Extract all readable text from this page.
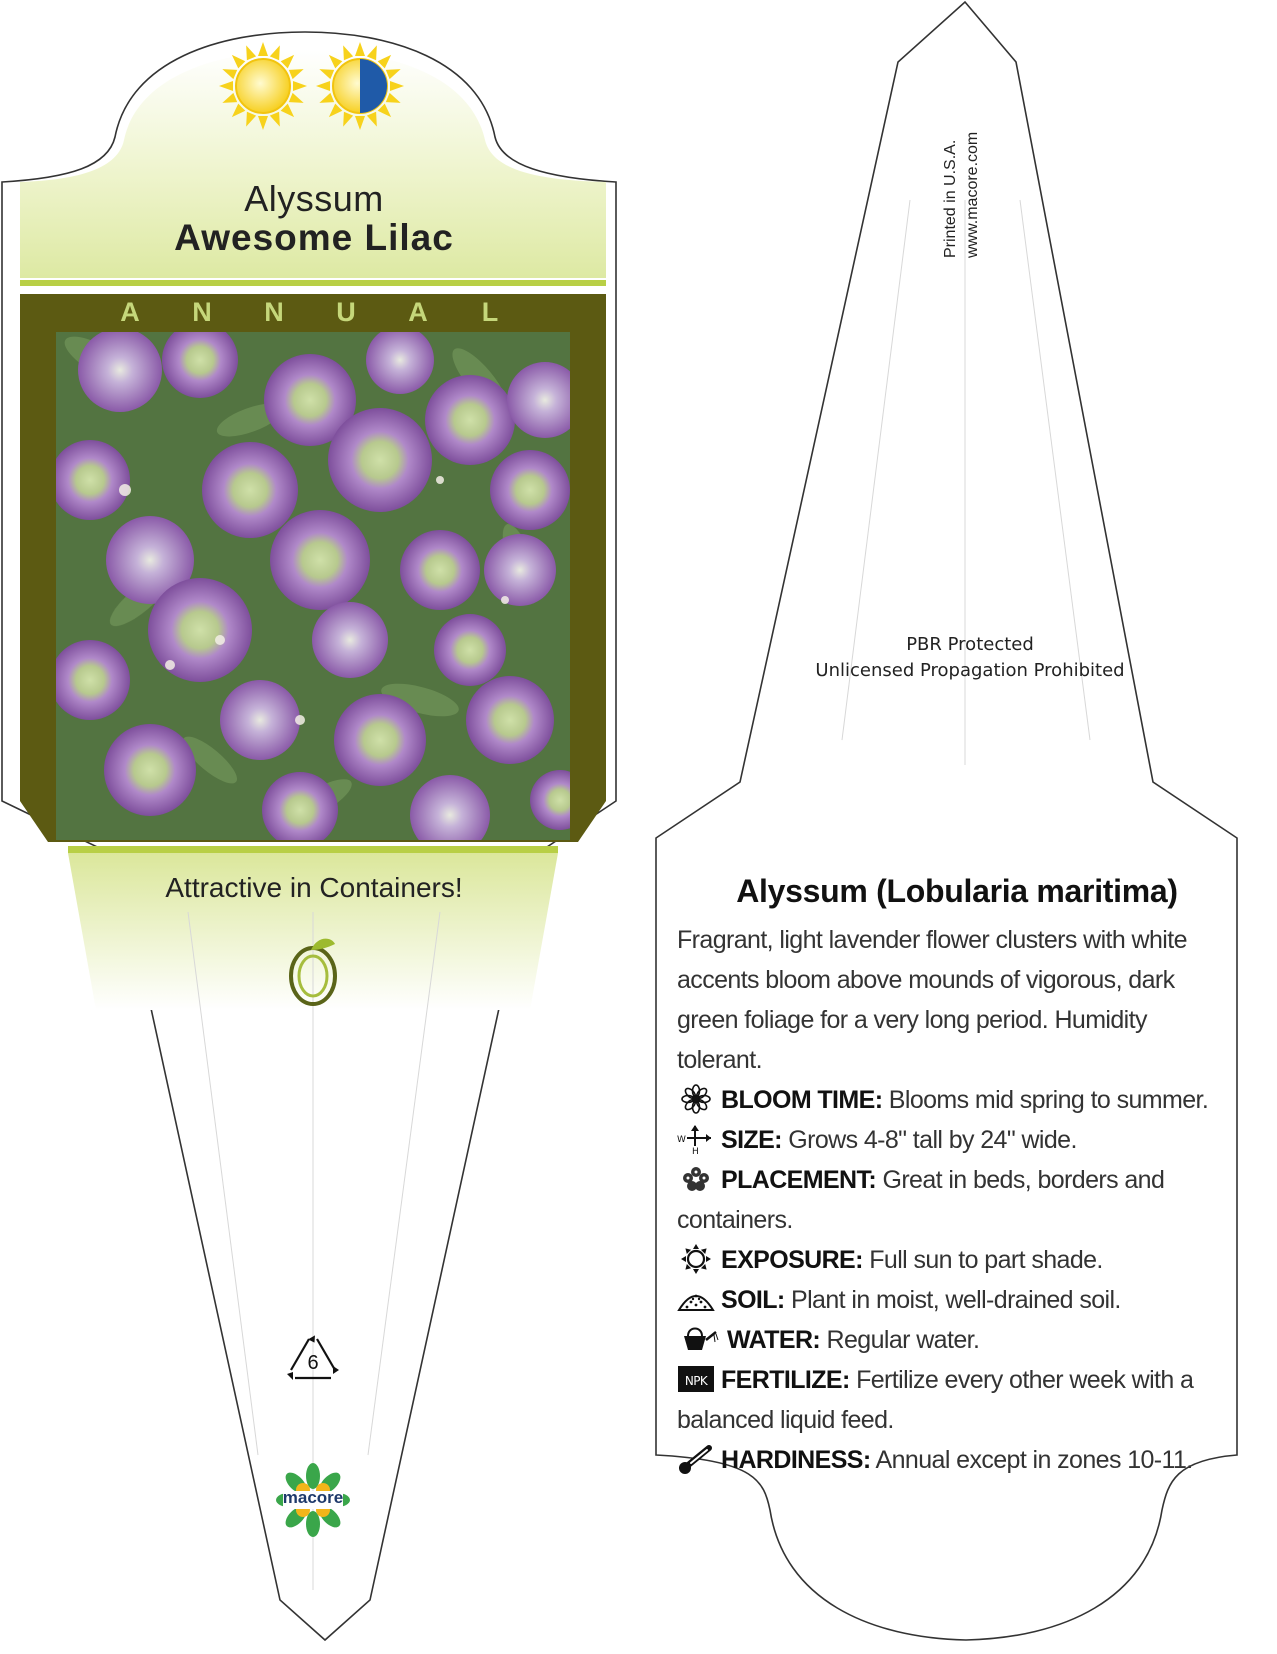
Alyssum
Awesome Lilac
A N N U A L
Attractive in Containers!
6
macore
Printed in U.S.A. www.macore.com
PBR Protected
Unlicensed Propagation Prohibited
Alyssum (Lobularia maritima)
Fragrant, light lavender flower clusters with white accents bloom above mounds of vigorous, dark green foliage for a very long period. Humidity tolerant.
BLOOM TIME: Blooms mid spring to summer.
W
H SIZE: Grows 4-8" tall by 24" wide.
PLACEMENT: Great in beds, borders and containers.
EXPOSURE: Full sun to part shade.
SOIL: Plant in moist, well-drained soil.
WATER: Regular water.
NPK FERTILIZE: Fertilize every other week with a balanced liquid feed.
HARDINESS: Annual except in zones 10-11.
